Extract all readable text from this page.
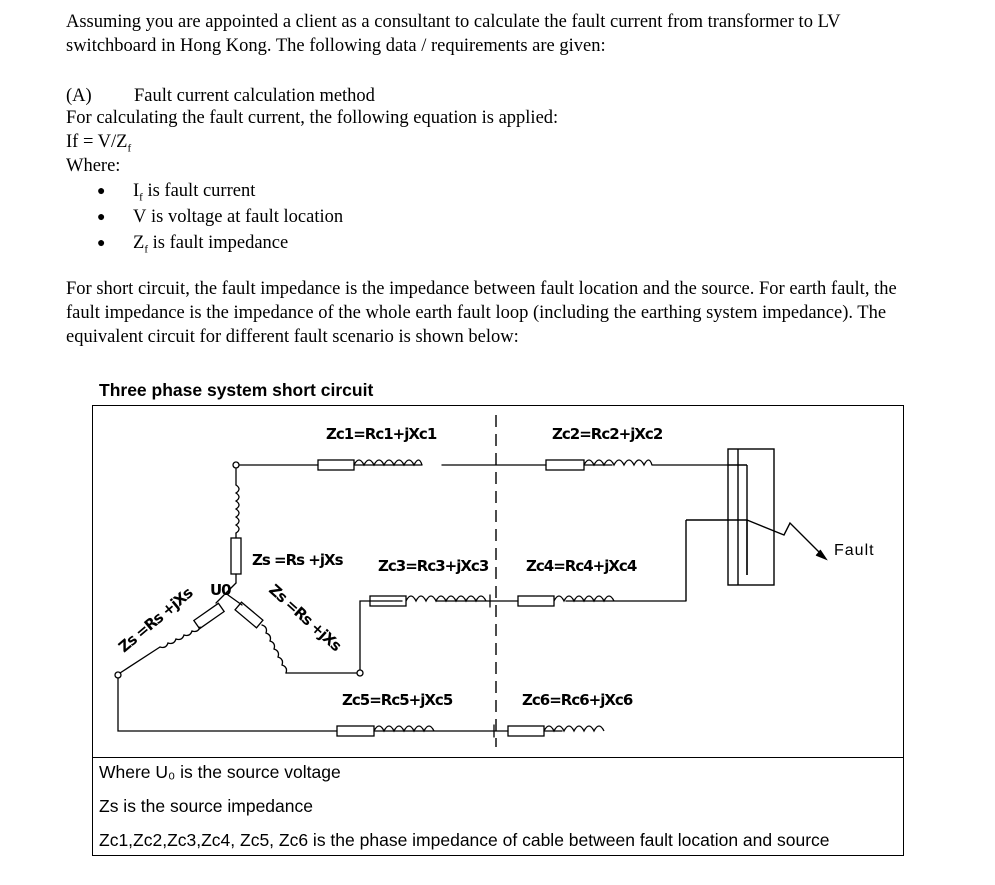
Assuming you are appointed a client as a consultant to calculate the fault current from transformer to LV switchboard in Hong Kong. The following data / requirements are given:

(A) Fault current calculation method
For calculating the fault current, the following equation is applied:
$If = V/Z_f$
Where:
● $I_f$ is fault current
● V is voltage at fault location
● $Z_f$ is fault impedance

For short circuit, the fault impedance is the impedance between fault location and the source. For earth fault, the fault impedance is the impedance of the whole earth fault loop (including the earthing system impedance). The equivalent circuit for different fault scenario is shown below:

Three phase system short circuit
Zc1=Rc1+jXc1	Zc2=Rc2+jXc2
Zc3=Rc3+jXc3	Zc4=Rc4+jXc4
Zc5=Rc5+jXc5	Zc6=Rc6+jXc6
Zs =Rs +jXs
Zs =Rs +jXs	Zs =Rs +jXs
U0
Fault
Where U₀ is the source voltage
Zs is the source impedance
Zc1,Zc2,Zc3,Zc4, Zc5, Zc6 is the phase impedance of cable between fault location and source
